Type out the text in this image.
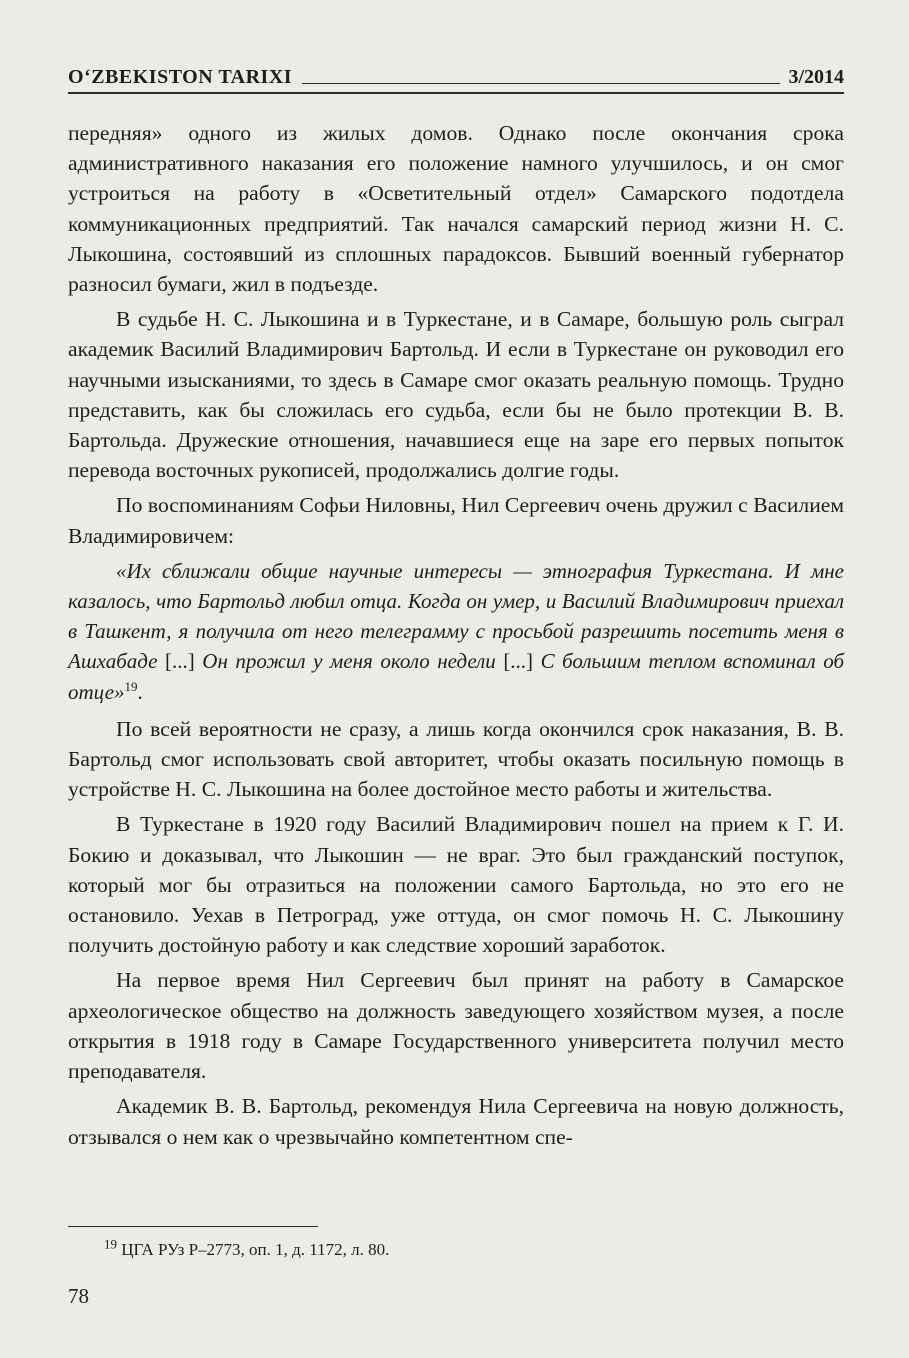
O‘ZBEKISTON TARIXI	3/2014

передняя» одного из жилых домов. Однако после окончания срока административного наказания его положение намного улучшилось, и он смог устроиться на работу в «Осветительный отдел» Самарского подотдела коммуникационных предприятий. Так начался самарский период жизни Н. С. Лыкошина, состоявший из сплошных парадоксов. Бывший военный губернатор разносил бумаги, жил в подъезде.

В судьбе Н. С. Лыкошина и в Туркестане, и в Самаре, большую роль сыграл академик Василий Владимирович Бартольд. И если в Туркестане он руководил его научными изысканиями, то здесь в Самаре смог оказать реальную помощь. Трудно представить, как бы сложилась его судьба, если бы не было протекции В. В. Бартольда. Дружеские отношения, начавшиеся еще на заре его первых попыток перевода восточных рукописей, продолжались долгие годы.

По воспоминаниям Софьи Ниловны, Нил Сергеевич очень дружил с Василием Владимировичем:

«Их сближали общие научные интересы — этнография Туркестана. И мне казалось, что Бартольд любил отца. Когда он умер, и Василий Владимирович приехал в Ташкент, я получила от него телеграмму с просьбой разрешить посетить меня в Ашхабаде [...] Он прожил у меня около недели [...] С большим теплом вспоминал об отце»$^{19}$.

По всей вероятности не сразу, а лишь когда окончился срок наказания, В. В. Бартольд смог использовать свой авторитет, чтобы оказать посильную помощь в устройстве Н. С. Лыкошина на более достойное место работы и жительства.

В Туркестане в 1920 году Василий Владимирович пошел на прием к Г. И. Бокию и доказывал, что Лыкошин — не враг. Это был гражданский поступок, который мог бы отразиться на положении самого Бартольда, но это его не остановило. Уехав в Петроград, уже оттуда, он смог помочь Н. С. Лыкошину получить достойную работу и как следствие хороший заработок.

На первое время Нил Сергеевич был принят на работу в Самарское археологическое общество на должность заведующего хозяйством музея, а после открытия в 1918 году в Самаре Государственного университета получил место преподавателя.

Академик В. В. Бартольд, рекомендуя Нила Сергеевича на новую должность, отзывался о нем как о чрезвычайно компетентном спе-

$^{19}$ ЦГА РУз Р–2773, оп. 1, д. 1172, л. 80.
78
